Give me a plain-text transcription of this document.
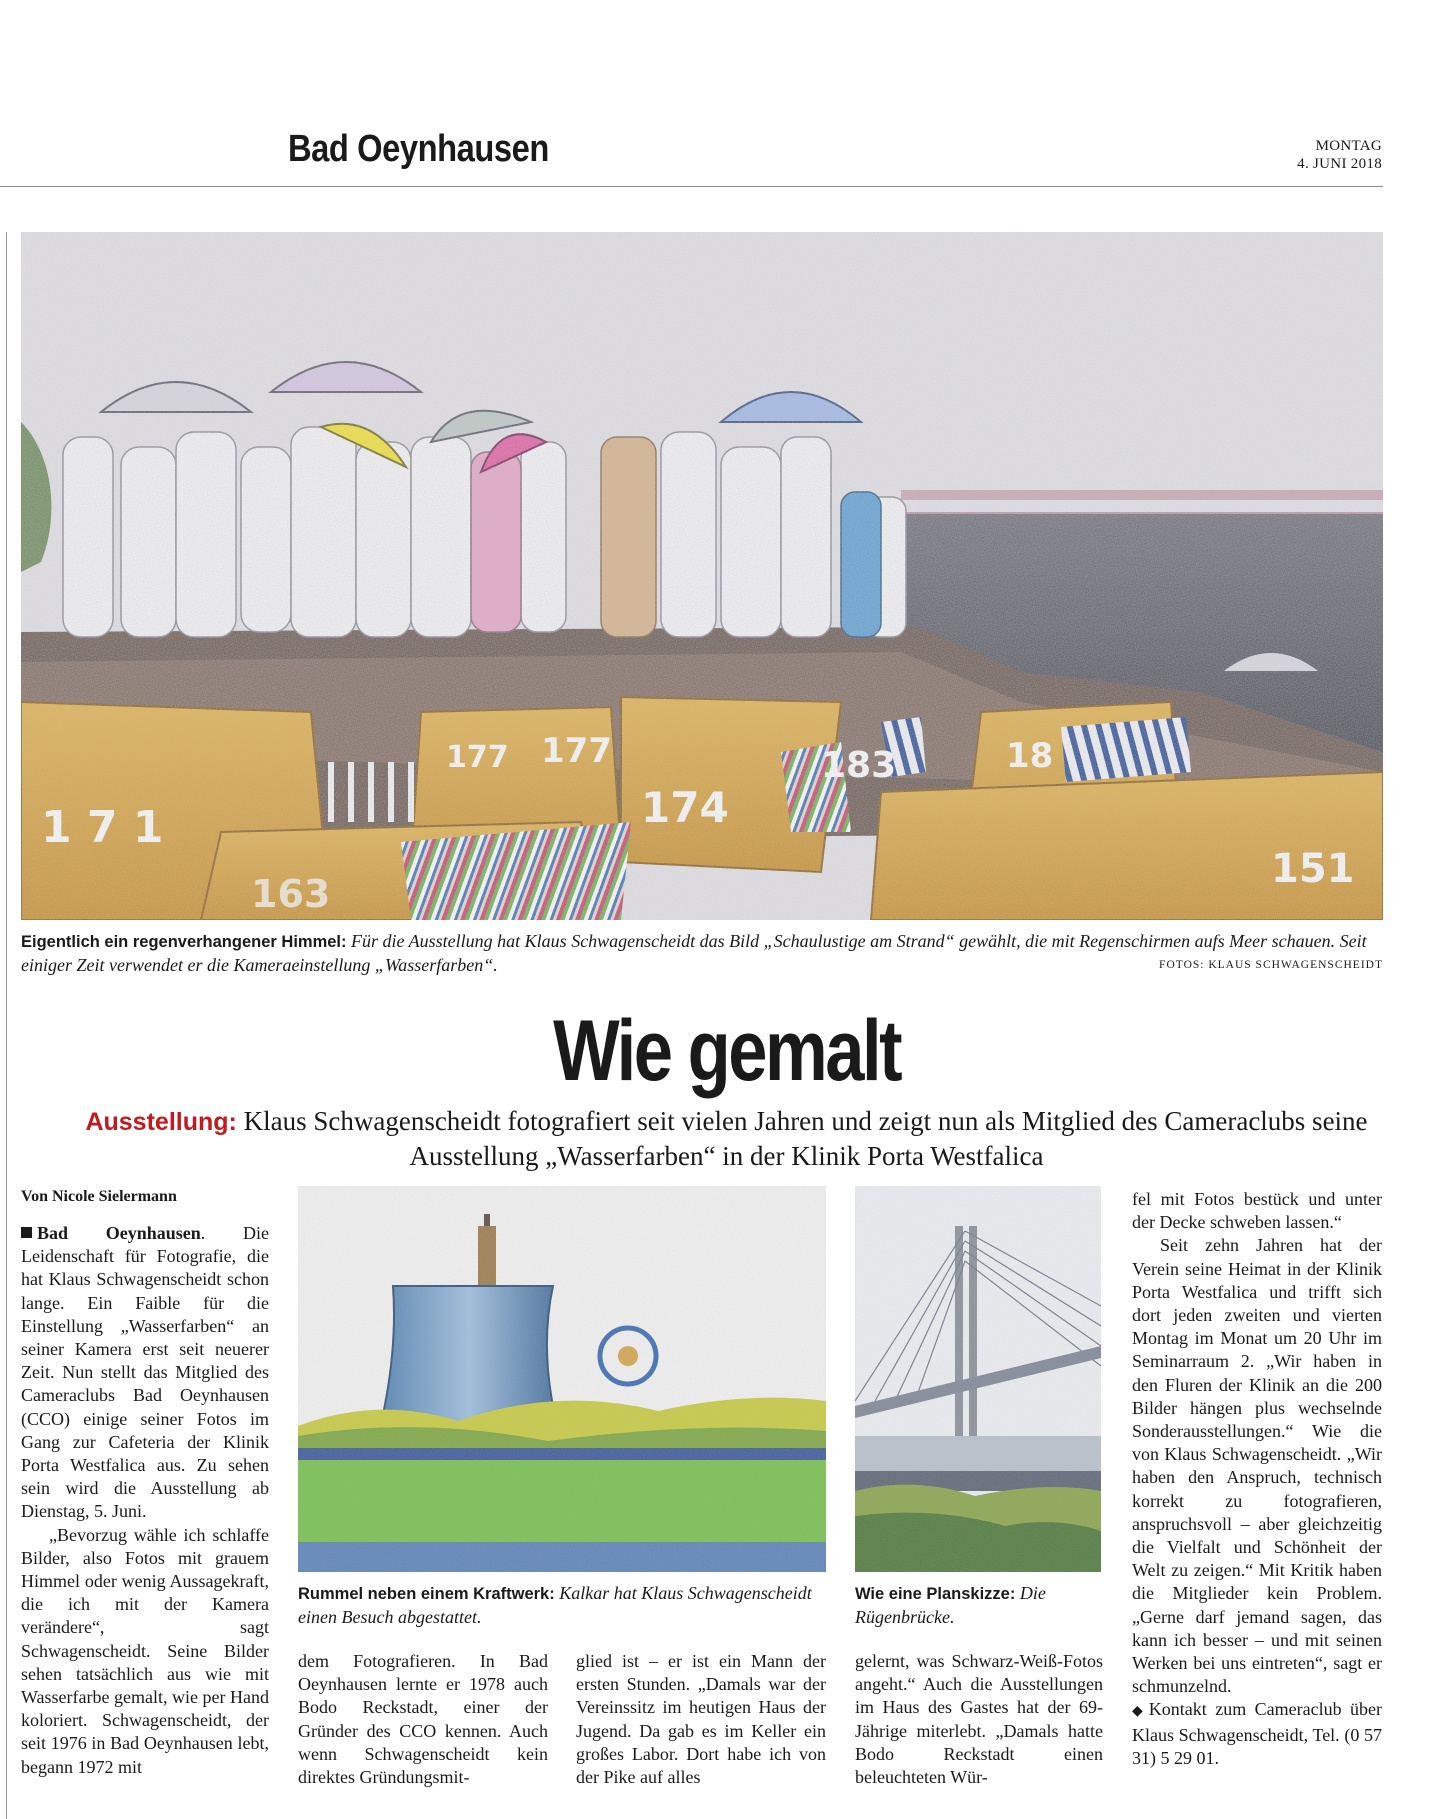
Bad Oeynhausen	MONTAG
4. JUNI 2018
Eigentlich ein regenverhangener Himmel: Für die Ausstellung hat Klaus Schwagenscheidt das Bild „Schaulustige am Strand“ gewählt, die mit Regenschirmen aufs Meer schauen. Seit einiger Zeit verwendet er die Kameraeinstellung „Wasserfarben“.	FOTOS: KLAUS SCHWAGENSCHEIDT
Wie gemalt
Ausstellung: Klaus Schwagenscheidt fotografiert seit vielen Jahren und zeigt nun als Mitglied des Cameraclubs seine Ausstellung „Wasserfarben“ in der Klinik Porta Westfalica
Von Nicole Sielermann

Bad Oeynhausen. Die Leidenschaft für Fotografie, die hat Klaus Schwagenscheidt schon lange. Ein Faible für die Einstellung „Wasserfarben“ an seiner Kamera erst seit neuerer Zeit. Nun stellt das Mitglied des Cameraclubs Bad Oeynhausen (CCO) einige seiner Fotos im Gang zur Cafeteria der Klinik Porta Westfalica aus. Zu sehen sein wird die Ausstellung ab Dienstag, 5. Juni.

„Bevorzug wähle ich schlaffe Bilder, also Fotos mit grauem Himmel oder wenig Aussagekraft, die ich mit der Kamera verändere“, sagt Schwagenscheidt. Seine Bilder sehen tatsächlich aus wie mit Wasserfarbe gemalt, wie per Hand koloriert. Schwagenscheidt, der seit 1976 in Bad Oeynhausen lebt, begann 1972 mit

Rummel neben einem Kraftwerk: Kalkar hat Klaus Schwagenscheidt einen Besuch abgestattet.
Wie eine Planskizze: Die Rügenbrücke.

dem Fotografieren. In Bad Oeynhausen lernte er 1978 auch Bodo Reckstadt, einer der Gründer des CCO kennen. Auch wenn Schwagenscheidt kein direktes Gründungsmit-

glied ist – er ist ein Mann der ersten Stunden. „Damals war der Vereinssitz im heutigen Haus der Jugend. Da gab es im Keller ein großes Labor. Dort habe ich von der Pike auf alles

gelernt, was Schwarz-Weiß-Fotos angeht.“ Auch die Ausstellungen im Haus des Gastes hat der 69-Jährige miterlebt. „Damals hatte Bodo Reckstadt einen beleuchteten Wür-

fel mit Fotos bestück und unter der Decke schweben lassen.“

Seit zehn Jahren hat der Verein seine Heimat in der Klinik Porta Westfalica und trifft sich dort jeden zweiten und vierten Montag im Monat um 20 Uhr im Seminarraum 2. „Wir haben in den Fluren der Klinik an die 200 Bilder hängen plus wechselnde Sonderausstellungen.“ Wie die von Klaus Schwagenscheidt. „Wir haben den Anspruch, technisch korrekt zu fotografieren, anspruchsvoll – aber gleichzeitig die Vielfalt und Schönheit der Welt zu zeigen.“ Mit Kritik haben die Mitglieder kein Problem. „Gerne darf jemand sagen, das kann ich besser – und mit seinen Werken bei uns eintreten“, sagt er schmunzelnd.

◆ Kontakt zum Cameraclub über Klaus Schwagenscheidt, Tel. (0 57 31) 5 29 01.
